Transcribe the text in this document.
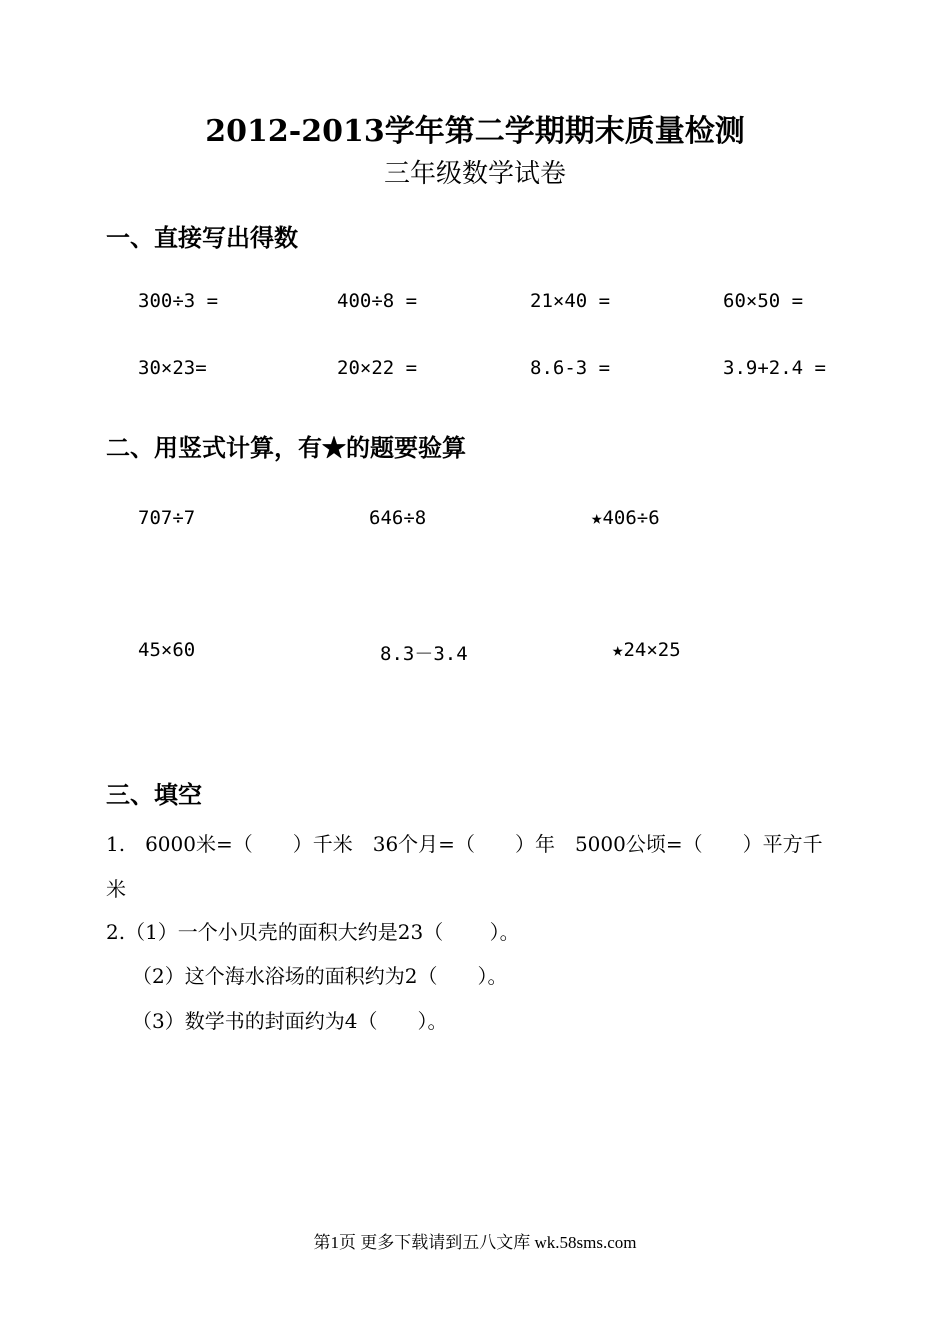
2012-2013学年第二学期期末质量检测
三年级数学试卷
一、直接写出得数
300÷3 =	400÷8 =	21×40 =	60×50 =
30×23=	20×22 =	8.6-3 =	3.9+2.4 =
二、用竖式计算，有★的题要验算
707÷7	646÷8	★406÷6
45×60	8.3－3.4	★24×25
三、填空
1.　6000米=（　　）千米　36个月=（　　）年　5000公顷=（　　）平方千
米
2.（1）一个小贝壳的面积大约是23（　　 ）。
（2）这个海水浴场的面积约为2（　　）。
（3）数学书的封面约为4（　　）。
第1页 更多下载请到五八文库 wk.58sms.com
